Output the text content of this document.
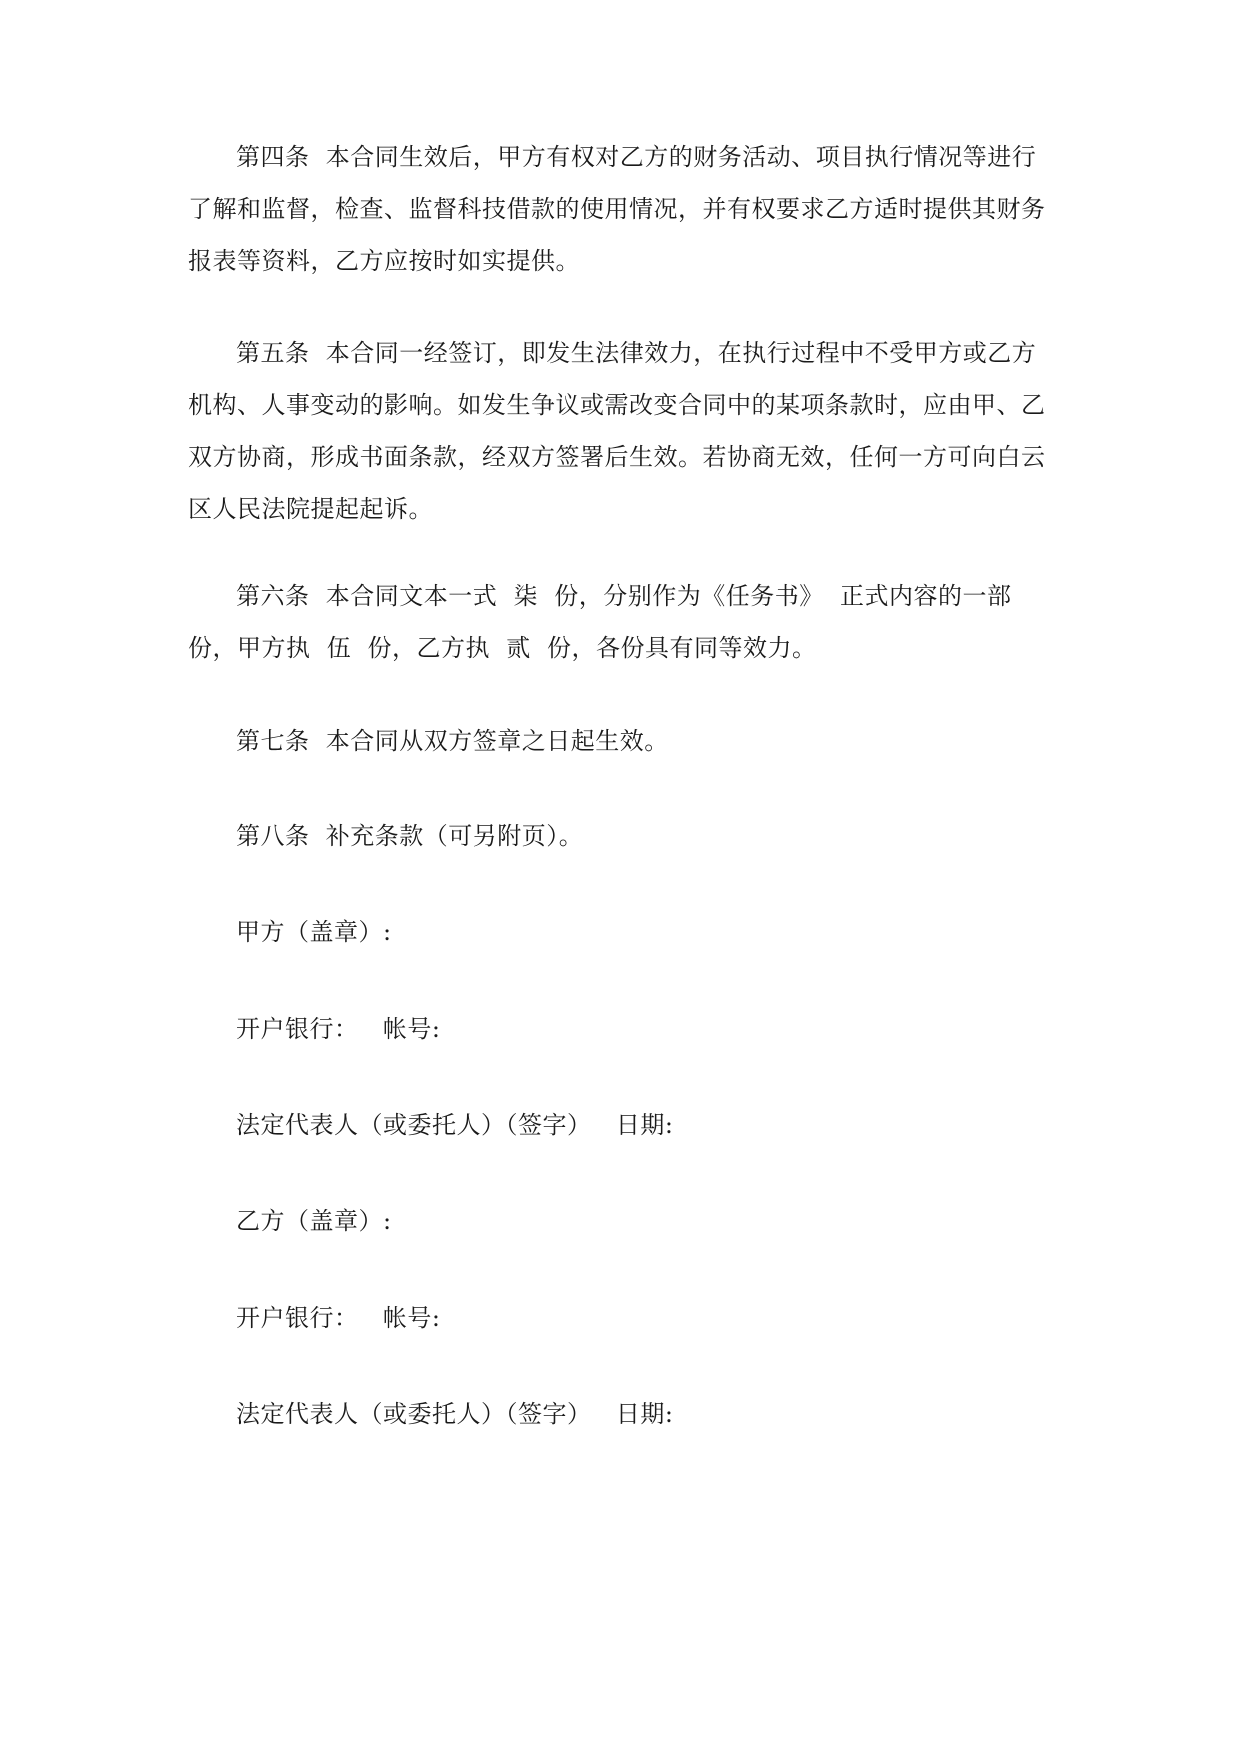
第四条  本合同生效后，甲方有权对乙方的财务活动、项目执行情况等进行了解和监督，检查、监督科技借款的使用情况，并有权要求乙方适时提供其财务报表等资料，乙方应按时如实提供。

第五条  本合同一经签订，即发生法律效力，在执行过程中不受甲方或乙方机构、人事变动的影响。如发生争议或需改变合同中的某项条款时，应由甲、乙双方协商，形成书面条款，经双方签署后生效。若协商无效，任何一方可向白云区人民法院提起起诉。

第六条  本合同文本一式  柒  份，分别作为《任务书》  正式内容的一部份，甲方执  伍  份，乙方执  贰  份，各份具有同等效力。

第七条  本合同从双方签章之日起生效。

第八条  补充条款（可另附页）。

甲方（盖章）:

开户银行：   帐号:

法定代表人（或委托人）（签字）   日期:

乙方（盖章）:

开户银行：   帐号:

法定代表人（或委托人）（签字）   日期:
